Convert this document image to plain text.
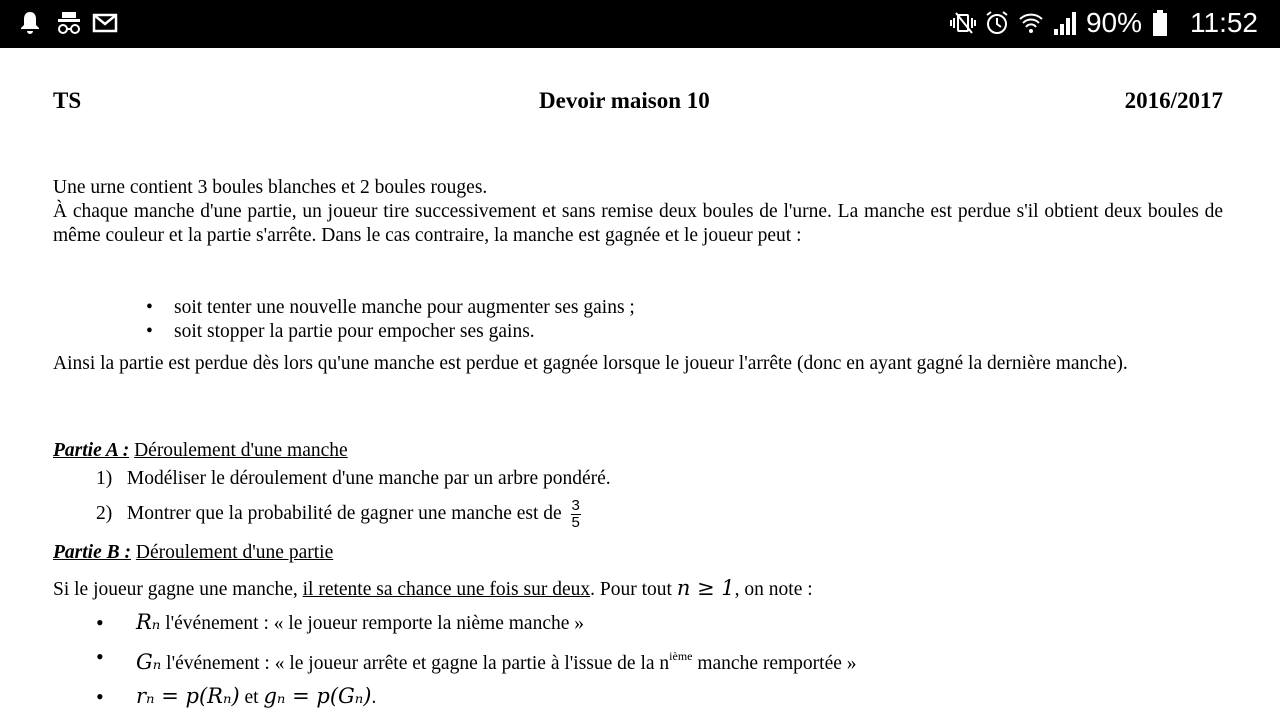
90% 11:52
TS	Devoir maison 10	2016/2017
Une urne contient 3 boules blanches et 2 boules rouges.
À chaque manche d'une partie, un joueur tire successivement et sans remise deux boules de l'urne. La manche est perdue s'il obtient deux boules de même couleur et la partie s'arrête. Dans le cas contraire, la manche est gagnée et le joueur peut :
• soit tenter une nouvelle manche pour augmenter ses gains ;
• soit stopper la partie pour empocher ses gains.
Ainsi la partie est perdue dès lors qu'une manche est perdue et gagnée lorsque le joueur l'arrête (donc en ayant gagné la dernière manche).
Partie A : Déroulement d'une manche
1) Modéliser le déroulement d'une manche par un arbre pondéré.
2) Montrer que la probabilité de gagner une manche est de $\frac{3}{5}$
Partie B : Déroulement d'une partie
Si le joueur gagne une manche, il retente sa chance une fois sur deux. Pour tout n ≥ 1, on note :
• Rₙ l'événement : « le joueur remporte la nième manche »
• Gₙ l'événement : « le joueur arrête et gagne la partie à l'issue de la $n^{ième}$ manche remportée »
• rₙ = p(Rₙ) et gₙ = p(Gₙ).
